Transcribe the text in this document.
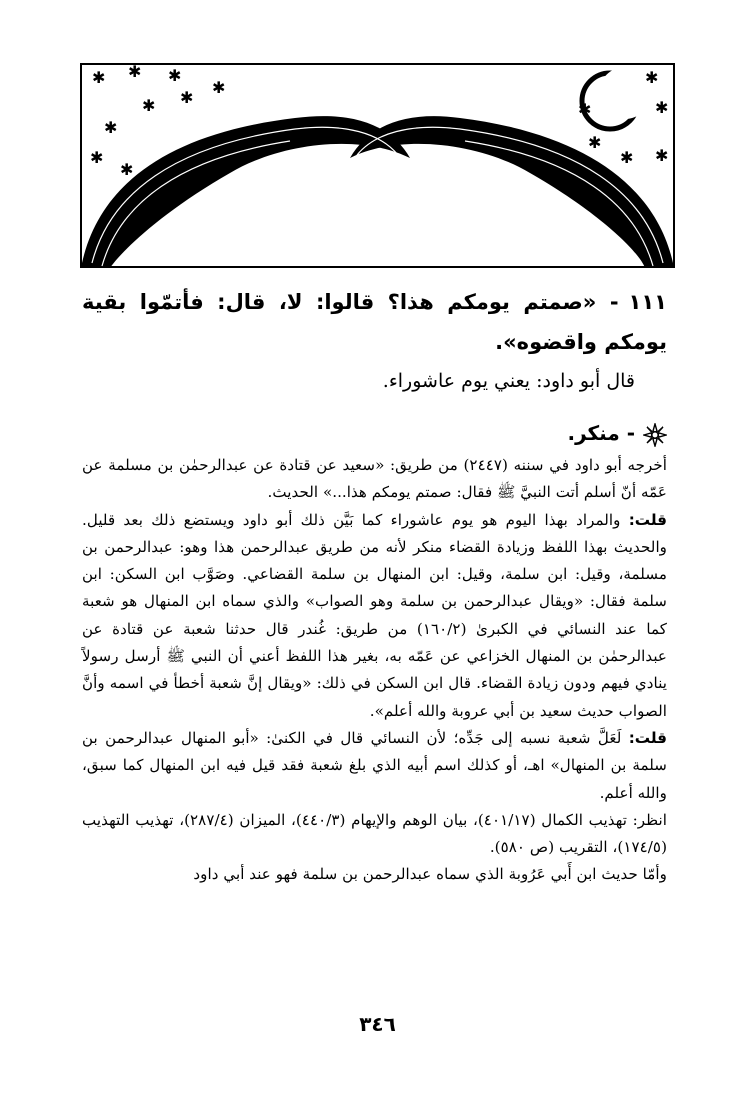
✱ ✱ ✱
✱
✱
✱
✱
✱
✱
✱
✱
✱
✱
✱
✱
١١١- «صمتم يومكم هذا؟ قالوا: لا، قال: فأتمّوا بقية يومكم واقضوه».
قال أبو داود: يعني يوم عاشوراء.
- منكر.

أخرجه أبو داود في سننه (٢٤٤٧) من طريق: «سعيد عن قتادة عن عبدالرحمٰن بن مسلمة عن عَمّه أنّ أسلم أتت النبيَّ ﷺ فقال: صمتم يومكم هذا...» الحديث.

قلت: والمراد بهذا اليوم هو يوم عاشوراء كما بَيَّن ذلك أبو داود ويستضع ذلك بعد قليل. والحديث بهذا اللفظ وزيادة القضاء منكر لأنه من طريق عبدالرحمن هذا وهو: عبدالرحمن بن مسلمة، وقيل: ابن سلمة، وقيل: ابن المنهال بن سلمة القضاعي. وصَوَّب ابن السكن: ابن سلمة فقال: «ويقال عبدالرحمن بن سلمة وهو الصواب» والذي سماه ابن المنهال هو شعبة كما عند النسائي في الكبرىٰ (١٦٠/٢) من طريق: غُندر قال حدثنا شعبة عن قتادة عن عبدالرحمٰن بن المنهال الخزاعي عن عَمّه به، بغير هذا اللفظ أعني أن النبي ﷺ أرسل رسولاً ينادي فيهم ودون زيادة القضاء. قال ابن السكن في ذلك: «ويقال إنَّ شعبة أخطأ في اسمه وأنَّ الصواب حديث سعيد بن أبي عروبة والله أعلم».

قلت: لَعَلَّ شعبة نسبه إلى جَدِّه؛ لأن النسائي قال في الكنىٰ: «أبو المنهال عبدالرحمن بن سلمة بن المنهال» اهـ، أو كذلك اسم أبيه الذي بلغ شعبة فقد قيل فيه ابن المنهال كما سبق، والله أعلم.

انظر: تهذيب الكمال (٤٠١/١٧)، بيان الوهم والإيهام (٤٤٠/٣)، الميزان (٢٨٧/٤)، تهذيب التهذيب (١٧٤/٥)، التقريب (ص ٥٨٠).

وأمّا حديث ابن أَبي عَرُوبة الذي سماه عبدالرحمن بن سلمة فهو عند أبي داود

٣٤٦
